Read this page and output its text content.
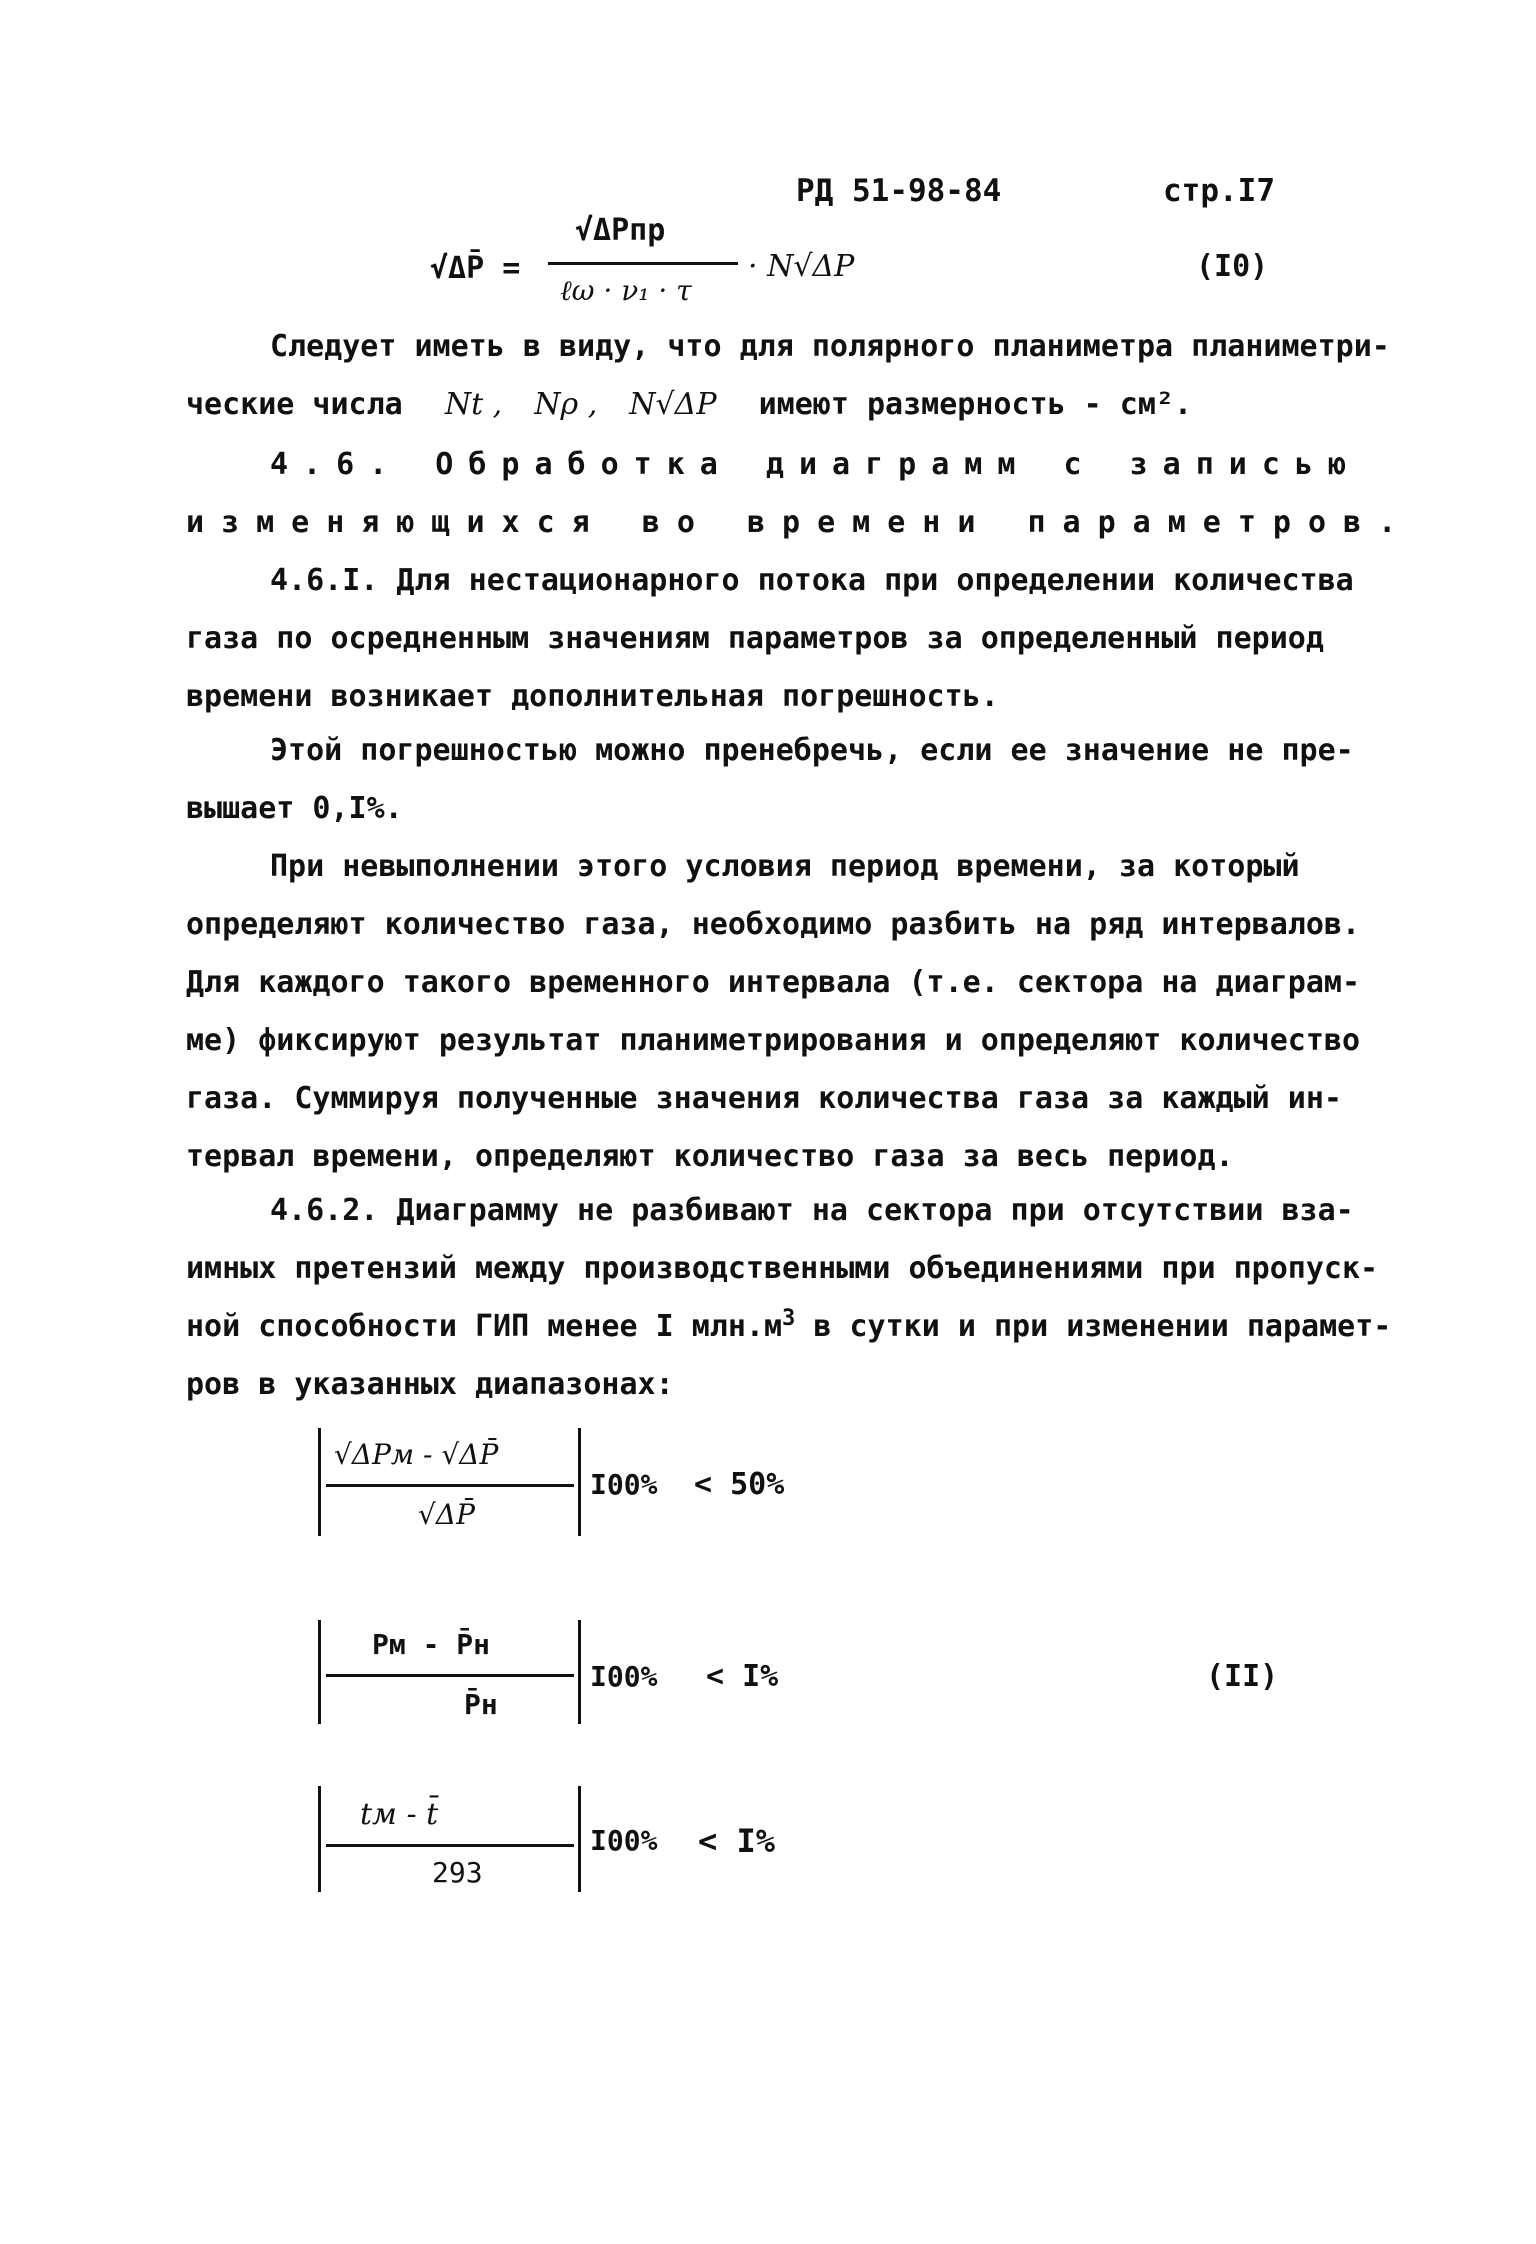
РД 51-98-84	стр.I7
√ΔP̄ =
√ΔPпр
ℓω · ν₁ · τ
· N√ΔP	(I0)
Следует иметь в виду, что для полярного планиметра планиметри-
ческие числа Nt , Nρ , N√ΔP имеют размерность - см².
4.6. Обработка диаграмм с записью
изменяющихся во времени параметров.
4.6.I. Для нестационарного потока при определении количества
газа по осредненным значениям параметров за определенный период
времени возникает дополнительная погрешность.
Этой погрешностью можно пренебречь, если ее значение не пре-
вышает 0,I%.
При невыполнении этого условия период времени, за который
определяют количество газа, необходимо разбить на ряд интервалов.
Для каждого такого временного интервала (т.е. сектора на диаграм-
ме) фиксируют результат планиметрирования и определяют количество
газа. Суммируя полученные значения количества газа за каждый ин-
тервал времени, определяют количество газа за весь период.
4.6.2. Диаграмму не разбивают на сектора при отсутствии вза-
имных претензий между производственными объединениями при пропуск-
ной способности ГИП менее I $млн.м^3$ в сутки и при изменении парамет-
ров в указанных диапазонах:
√ΔPм - √ΔP̄
√ΔP̄
I00% < 50%
Pм - P̄н
P̄н
I00% < I%	(II)
tм - t̄
293
I00% < I%
